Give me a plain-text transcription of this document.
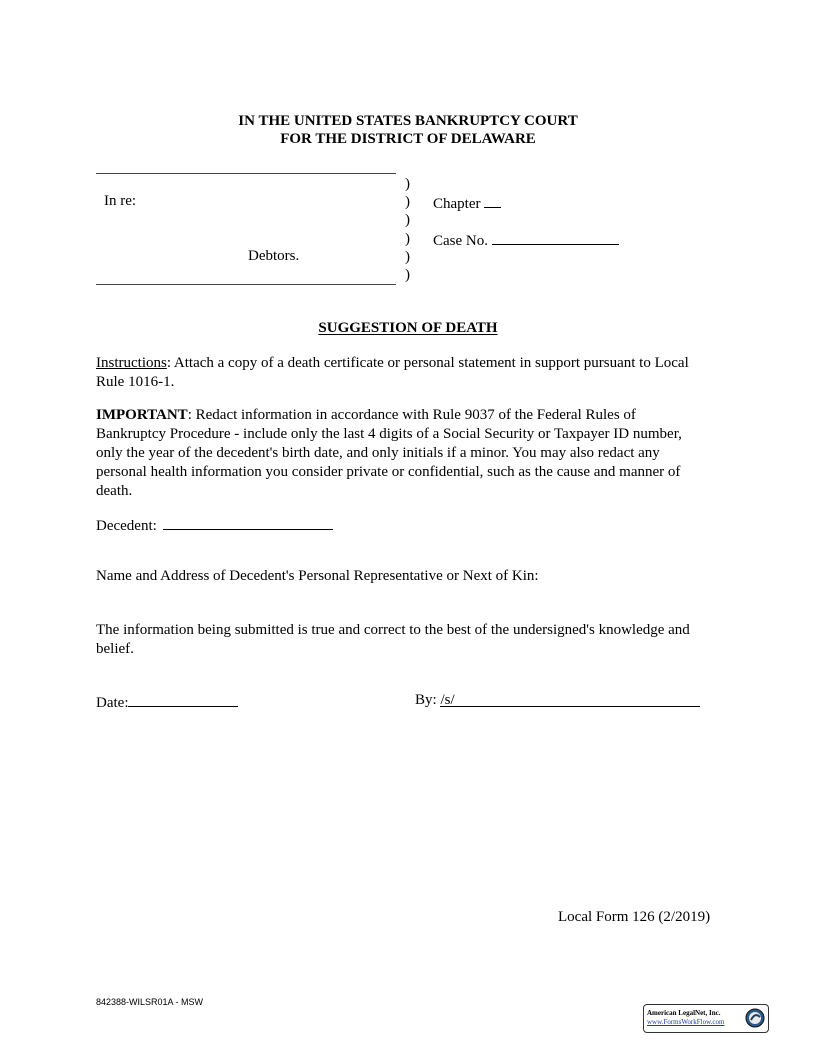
IN THE UNITED STATES BANKRUPTCY COURT
FOR THE DISTRICT OF DELAWARE
In re:
Debtors.
)
)
)
)
)
)
Chapter
Case No.
SUGGESTION OF DEATH

Instructions: Attach a copy of a death certificate or personal statement in support pursuant to Local Rule 1016-1.

IMPORTANT: Redact information in accordance with Rule 9037 of the Federal Rules of Bankruptcy Procedure - include only the last 4 digits of a Social Security or Taxpayer ID number, only the year of the decedent's birth date, and only initials if a minor. You may also redact any personal health information you consider private or confidential, such as the cause and manner of death.

Decedent:
Name and Address of Decedent's Personal Representative or Next of Kin:

The information being submitted is true and correct to the best of the undersigned's knowledge and belief.

Date:	By: /s/
Local Form 126 (2/2019)
842388-WILSR01A - MSW
American LegalNet, Inc.
www.FormsWorkFlow.com
